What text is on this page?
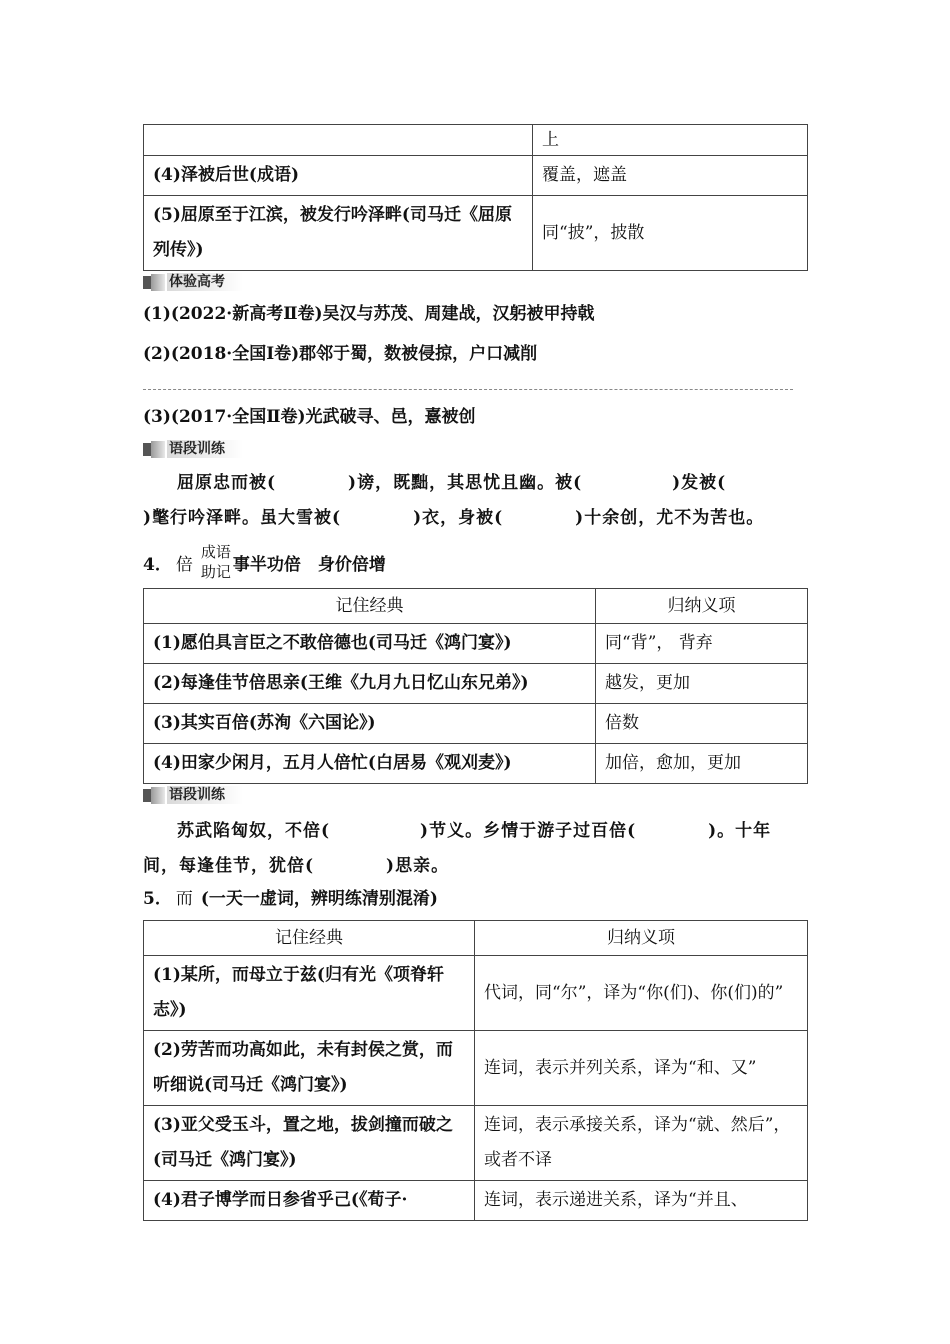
	上
(4)泽被后世(成语)	覆盖，遮盖
(5)屈原至于江滨，被发行吟泽畔(司马迁《屈原列传》)	同“披”，披散
体验高考
(1)(2022·新高考Ⅱ卷)吴汉与苏茂、周建战，汉躬被甲持戟
(2)(2018·全国Ⅰ卷)郡邻于蜀，数被侵掠，户口减削
(3)(2017·全国Ⅱ卷)光武破寻、邑，憙被创
语段训练
屈原忠而被(　　　　)谤，既黜，其思忧且幽。被(　　　　　)发被(
)氅行吟泽畔。虽大雪被(　　　　)衣，身被(　　　　)十余创，尤不为苦也。
4． 倍
成语
助记 事半功倍　身价倍增
记住经典	归纳义项
(1)愿伯具言臣之不敢倍德也(司马迁《鸿门宴》)	同“背”， 背弃
(2)每逢佳节倍思亲(王维《九月九日忆山东兄弟》)	越发，更加
(3)其实百倍(苏洵《六国论》)	倍数
(4)田家少闲月，五月人倍忙(白居易《观刈麦》)	加倍，愈加，更加
语段训练
苏武陷匈奴，不倍(　　　　　)节义。乡情于游子过百倍(　　　　)。十年
间，每逢佳节，犹倍(　　　　)思亲。
5． 而 (一天一虚词，辨明练清别混淆)
记住经典	归纳义项
(1)某所，而母立于兹(归有光《项脊轩志》)	代词，同“尔”，译为“你(们)、你(们)的”
(2)劳苦而功高如此，未有封侯之赏，而听细说(司马迁《鸿门宴》)	连词，表示并列关系，译为“和、又”
(3)亚父受玉斗，置之地，拔剑撞而破之(司马迁《鸿门宴》)	连词，表示承接关系，译为“就、然后”，或者不译
(4)君子博学而日参省乎己(《荀子·	连词，表示递进关系，译为“并且、
